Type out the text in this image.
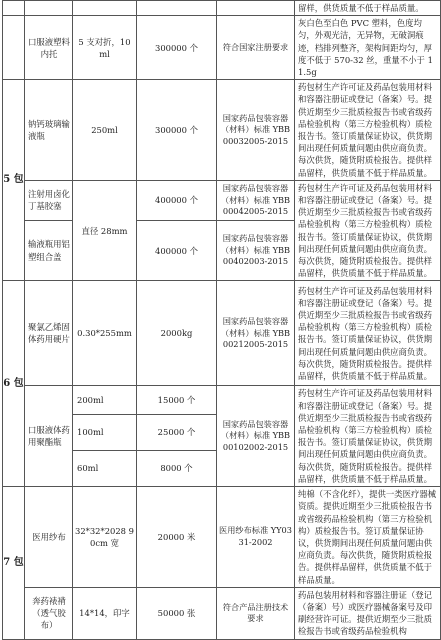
					留样，供货质量不低于样品质量。
	口服液塑料内托	5 支对折，10ml	300000 个	符合国家注册要求	灰白色至白色 PVC 塑料，色度均匀，外观光洁，无异物，无破洞痕迹，档排列整齐，架构间距均匀，厚度不低于 570-32 丝，重量不小于 11.5g
5 包	钠钙玻璃输液瓶	250ml	300000 个	国家药品包装容器（材料）标准 YBB00032005-2015	药包材生产许可证及药品包装用材料和容器注册证或登记（备案）号。提供近期至少三批质检报告书或省级药品检验机构（第三方检验机构）质检报告书。签订质量保证协议，供货期间出现任何质量问题由供应商负责。每次供货，随货附质检报告。提供样品留样，供货质量不低于样品质量。
	注射用卤化丁基胶塞	直径 28mm	400000 个	国家药品包装容器（材料）标准 YBB00042005-2015	药包材生产许可证及药品包装用材料和容器注册证或登记（备案）号。提供近期至少三批质检报告书或省级药品检验机构（第三方检验机构）质检报告书。签订质量保证协议，供货期间出现任何质量问题由供应商负责。每次供货，随货附质检报告。提供样品留样，供货质量不低于样品质量。
	输液瓶用铝塑组合盖		400000 个	国家药品包装容器（材料）标准 YBB00402003-2015	

6 包	聚氯乙烯固体药用硬片	0.30*255mm	2000kg	国家药品包装容器（材料）标准 YBB00212005-2015	药包材生产许可证及药品包装用材料和容器注册证或登记（备案）号。提供近期至少三批质检报告书或省级药品检验机构（第三方检验机构）质检报告书。签订质量保证协议，供货期间出现任何质量问题由供应商负责。每次供货，随货附质检报告。提供样品留样，供货质量不低于样品质量。
	口服液体药用聚酯瓶	200ml	15000 个	国家药品包装容器（材料）标准 YBB00102002-2015	药包材生产许可证及药品包装用材料和容器注册证或登记（备案）号。提供近期至少三批质检报告书或省级药品检验机构（第三方检验机构）质检报告书。签订质量保证协议，供货期间出现任何质量问题由供应商负责。每次供货，随货附质检报告。提供样品留样，供货质量不低于样品质量。
		100ml	25000 个		
		60ml	8000 个		
7 包	医用纱布	32*32*2028 90cm 宽	20000 米	医用纱布标准 YY0331-2002	纯棉（不含化纤），提供一类医疗器械资质。提供近期至少三批质检报告书或省级药品检验机构（第三方检验机构）质检报告书。签订质量保证协议，供货期间出现任何质量问题由供应商负责。每次供货，随货附质检报告。提供样品留样，供货质量不低于样品质量。
	奔药裱褙（透气胶布）	14*14，印字	50000 张	符合产品注册技术要求	药品包装用材料和容器注册证（登记（备案）号）或医疗器械备案号及印刷经营许可证。提供近期至少三批质检报告书或省级药品检验机构
